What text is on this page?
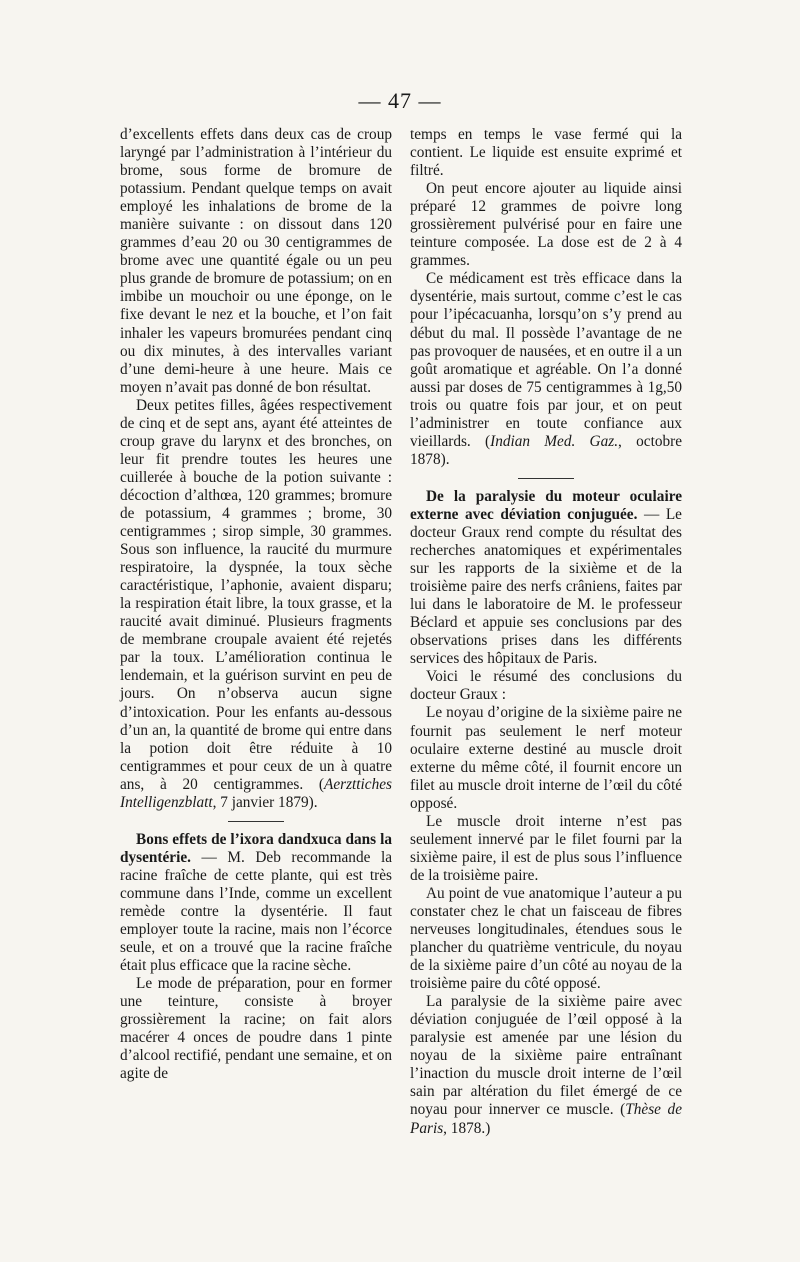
— 47 —

d’excellents effets dans deux cas de croup laryngé par l’administration à l’intérieur du brome, sous forme de bromure de potassium. Pendant quelque temps on avait employé les inhalations de brome de la manière suivante : on dissout dans 120 grammes d’eau 20 ou 30 centigrammes de brome avec une quantité égale ou un peu plus grande de bromure de potassium; on en imbibe un mouchoir ou une éponge, on le fixe devant le nez et la bouche, et l’on fait inhaler les vapeurs bromurées pendant cinq ou dix minutes, à des intervalles variant d’une demi-heure à une heure. Mais ce moyen n’avait pas donné de bon résultat.

Deux petites filles, âgées respectivement de cinq et de sept ans, ayant été atteintes de croup grave du larynx et des bronches, on leur fit prendre toutes les heures une cuillerée à bouche de la potion suivante : décoction d’althœa, 120 grammes; bromure de potassium, 4 grammes ; brome, 30 centigrammes ; sirop simple, 30 grammes. Sous son influence, la raucité du murmure respiratoire, la dyspnée, la toux sèche caractéristique, l’aphonie, avaient disparu; la respiration était libre, la toux grasse, et la raucité avait diminué. Plusieurs fragments de membrane croupale avaient été rejetés par la toux. L’amélioration continua le lendemain, et la guérison survint en peu de jours. On n’observa aucun signe d’intoxication. Pour les enfants au-dessous d’un an, la quantité de brome qui entre dans la potion doit être réduite à 10 centigrammes et pour ceux de un à quatre ans, à 20 centigrammes. (Aerzttiches Intelligenzblatt, 7 janvier 1879).

Bons effets de l’ixora dandxuca dans la dysentérie. — M. Deb recommande la racine fraîche de cette plante, qui est très commune dans l’Inde, comme un excellent remède contre la dysentérie. Il faut employer toute la racine, mais non l’écorce seule, et on a trouvé que la racine fraîche était plus efficace que la racine sèche.

Le mode de préparation, pour en former une teinture, consiste à broyer grossièrement la racine; on fait alors macérer 4 onces de poudre dans 1 pinte d’alcool rectifié, pendant une semaine, et on agite de

temps en temps le vase fermé qui la contient. Le liquide est ensuite exprimé et filtré.

On peut encore ajouter au liquide ainsi préparé 12 grammes de poivre long grossièrement pulvérisé pour en faire une teinture composée. La dose est de 2 à 4 grammes.

Ce médicament est très efficace dans la dysentérie, mais surtout, comme c’est le cas pour l’ipécacuanha, lorsqu’on s’y prend au début du mal. Il possède l’avantage de ne pas provoquer de nausées, et en outre il a un goût aromatique et agréable. On l’a donné aussi par doses de 75 centigrammes à 1g,50 trois ou quatre fois par jour, et on peut l’administrer en toute confiance aux vieillards. (Indian Med. Gaz., octobre 1878).

De la paralysie du moteur oculaire externe avec déviation conjuguée. — Le docteur Graux rend compte du résultat des recherches anatomiques et expérimentales sur les rapports de la sixième et de la troisième paire des nerfs crâniens, faites par lui dans le laboratoire de M. le professeur Béclard et appuie ses conclusions par des observations prises dans les différents services des hôpitaux de Paris.

Voici le résumé des conclusions du docteur Graux :

Le noyau d’origine de la sixième paire ne fournit pas seulement le nerf moteur oculaire externe destiné au muscle droit externe du même côté, il fournit encore un filet au muscle droit interne de l’œil du côté opposé.

Le muscle droit interne n’est pas seulement innervé par le filet fourni par la sixième paire, il est de plus sous l’influence de la troisième paire.

Au point de vue anatomique l’auteur a pu constater chez le chat un faisceau de fibres nerveuses longitudinales, étendues sous le plancher du quatrième ventricule, du noyau de la sixième paire d’un côté au noyau de la troisième paire du côté opposé.

La paralysie de la sixième paire avec déviation conjuguée de l’œil opposé à la paralysie est amenée par une lésion du noyau de la sixième paire entraînant l’inaction du muscle droit interne de l’œil sain par altération du filet émergé de ce noyau pour innerver ce muscle. (Thèse de Paris, 1878.)
